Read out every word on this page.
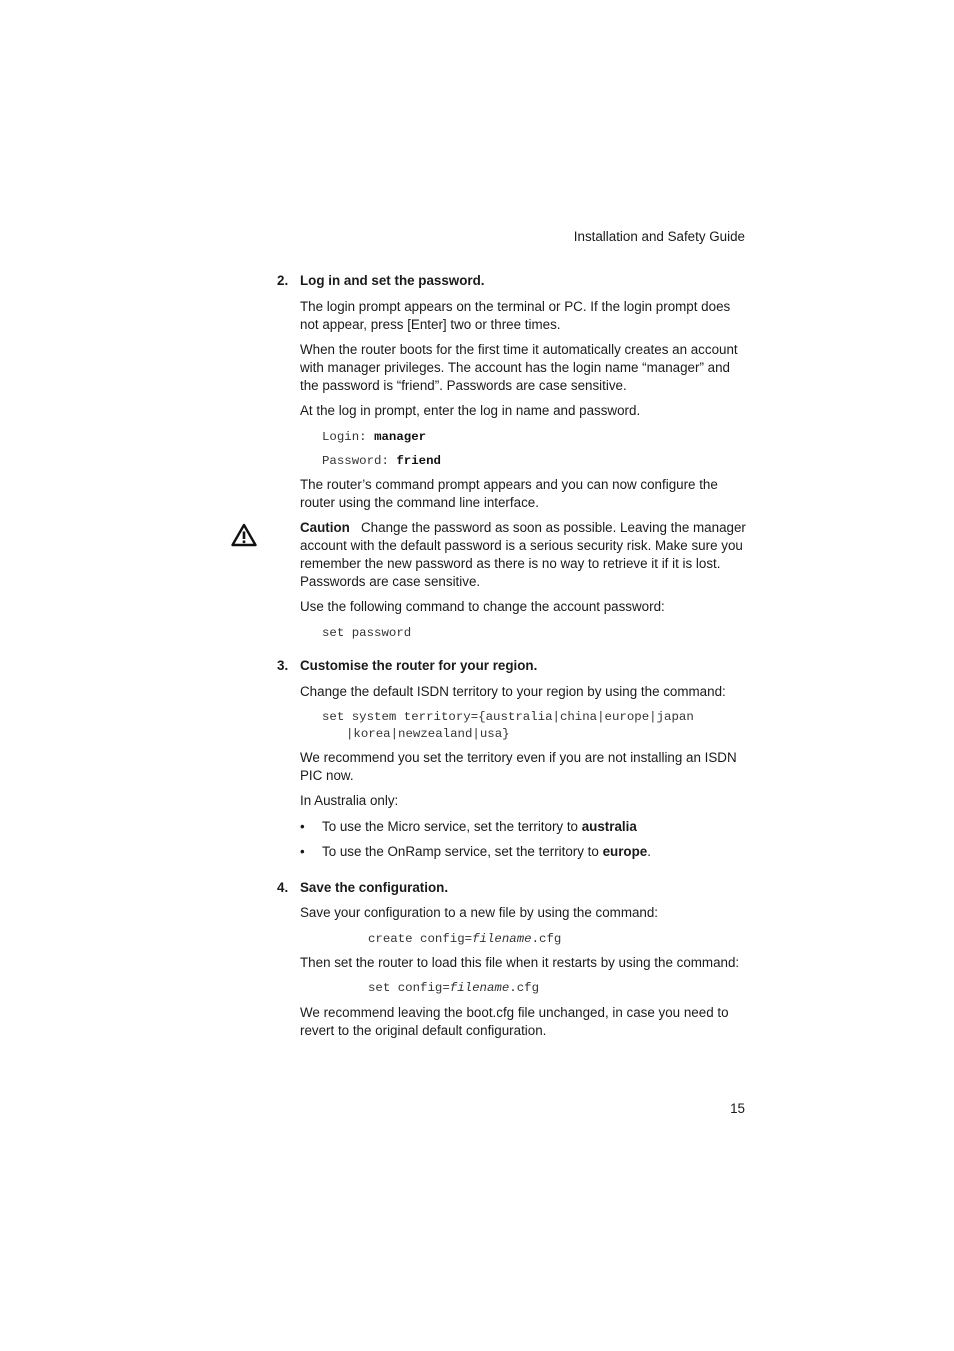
Installation and Safety Guide

2. Log in and set the password.

The login prompt appears on the terminal or PC. If the login prompt does not appear, press [Enter] two or three times.

When the router boots for the first time it automatically creates an account with manager privileges. The account has the login name “manager” and the password is “friend”. Passwords are case sensitive.

At the log in prompt, enter the log in name and password.

Login: manager
Password: friend

The router’s command prompt appears and you can now configure the router using the command line interface.

Caution Change the password as soon as possible. Leaving the manager account with the default password is a serious security risk. Make sure you remember the new password as there is no way to retrieve it if it is lost. Passwords are case sensitive.

Use the following command to change the account password:

set password

3. Customise the router for your region.

Change the default ISDN territory to your region by using the command:

set system territory={australia|china|europe|japan
|korea|newzealand|usa}

We recommend you set the territory even if you are not installing an ISDN PIC now.

In Australia only:

• To use the Micro service, set the territory to australia

• To use the OnRamp service, set the territory to europe.

4. Save the configuration.

Save your configuration to a new file by using the command:

create config=filename.cfg

Then set the router to load this file when it restarts by using the command:

set config=filename.cfg

We recommend leaving the boot.cfg file unchanged, in case you need to revert to the original default configuration.

15
